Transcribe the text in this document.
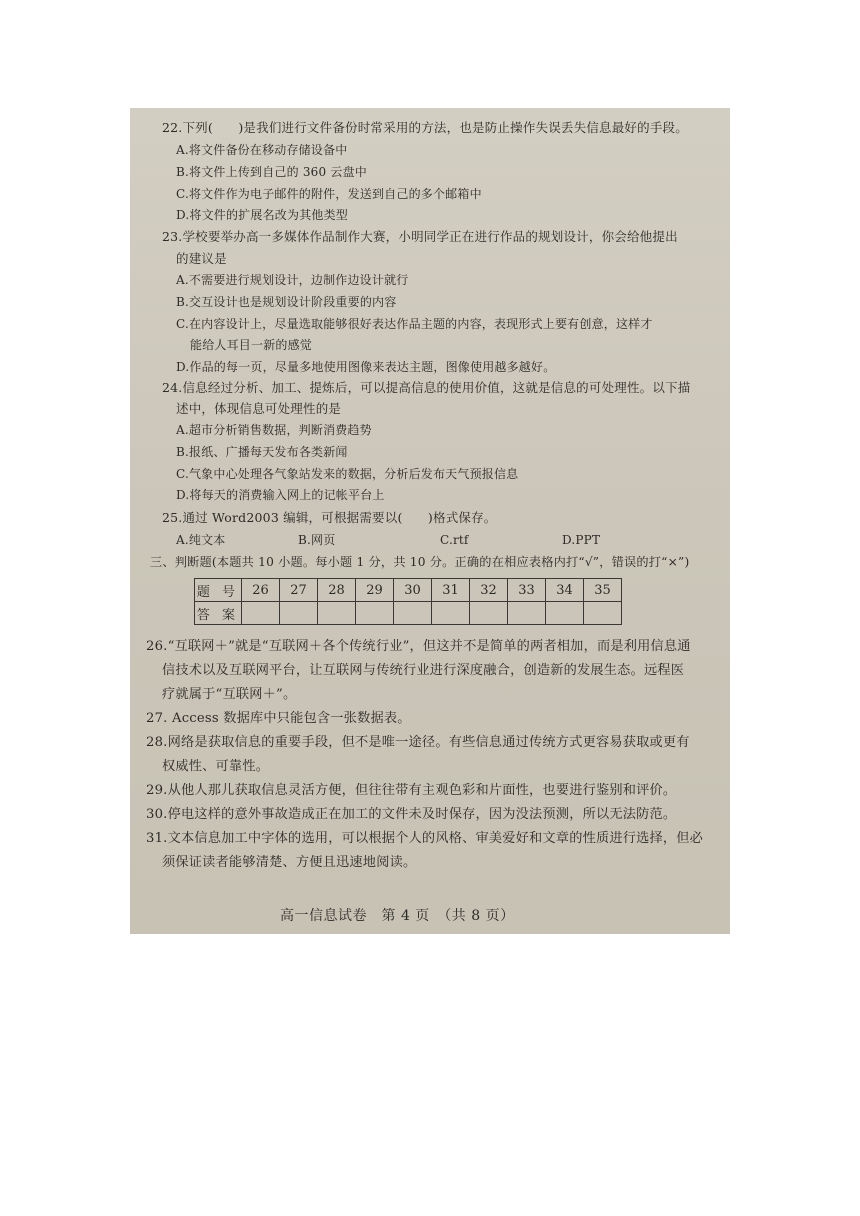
22.下列(　　)是我们进行文件备份时常采用的方法，也是防止操作失误丢失信息最好的手段。
A.将文件备份在移动存储设备中
B.将文件上传到自己的 360 云盘中
C.将文件作为电子邮件的附件，发送到自己的多个邮箱中
D.将文件的扩展名改为其他类型
23.学校要举办高一多媒体作品制作大赛，小明同学正在进行作品的规划设计，你会给他提出
的建议是
A.不需要进行规划设计，边制作边设计就行
B.交互设计也是规划设计阶段重要的内容
C.在内容设计上，尽量选取能够很好表达作品主题的内容，表现形式上要有创意，这样才
能给人耳目一新的感觉
D.作品的每一页，尽量多地使用图像来表达主题，图像使用越多越好。
24.信息经过分析、加工、提炼后，可以提高信息的使用价值，这就是信息的可处理性。以下描
述中，体现信息可处理性的是
A.超市分析销售数据，判断消费趋势
B.报纸、广播每天发布各类新闻
C.气象中心处理各气象站发来的数据，分析后发布天气预报信息
D.将每天的消费输入网上的记帐平台上
25.通过 Word2003 编辑，可根据需要以(　　)格式保存。
A.纯文本	B.网页	C.rtf	D.PPT
三、判断题(本题共 10 小题。每小题 1 分，共 10 分。正确的在相应表格内打“√”，错误的打“×”)
题 号	26	27	28	29	30	31	32	33	34	35
答 案										
26.“互联网＋”就是“互联网＋各个传统行业”，但这并不是简单的两者相加，而是利用信息通
信技术以及互联网平台，让互联网与传统行业进行深度融合，创造新的发展生态。远程医
疗就属于“互联网＋”。
27. Access 数据库中只能包含一张数据表。
28.网络是获取信息的重要手段，但不是唯一途径。有些信息通过传统方式更容易获取或更有
权威性、可靠性。
29.从他人那儿获取信息灵活方便，但往往带有主观色彩和片面性，也要进行鉴别和评价。
30.停电这样的意外事故造成正在加工的文件未及时保存，因为没法预测，所以无法防范。
31.文本信息加工中字体的选用，可以根据个人的风格、审美爱好和文章的性质进行选择，但必
须保证读者能够清楚、方便且迅速地阅读。
高一信息试卷　第 4 页　（共 8 页）
